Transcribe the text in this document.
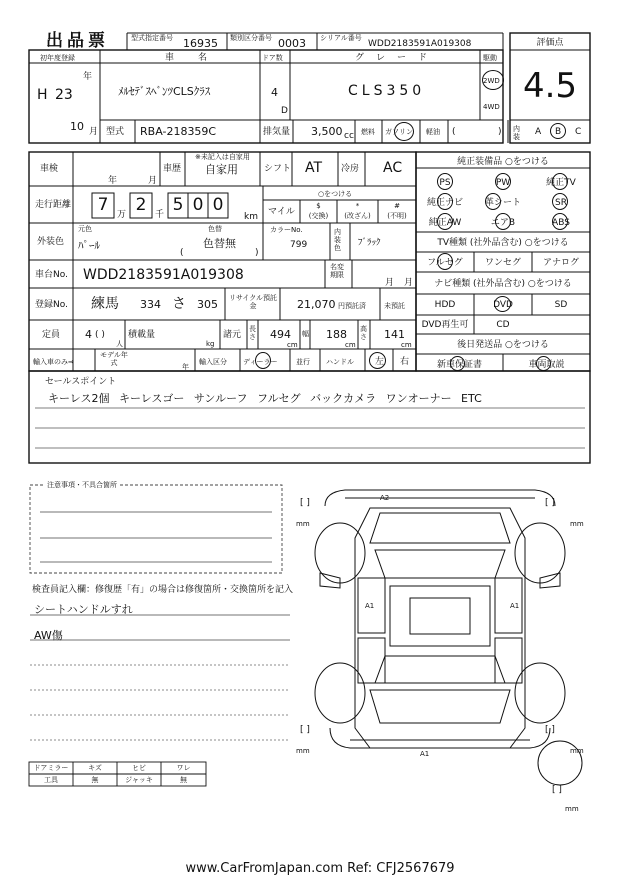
出品票	型式指定番号 16935 類別区分番号 0003 シリアル番号
WDD2183591A019308	評価点
4.5
初年度登録
H 23
年
10 月
車名
ﾒﾙｾﾃﾞｽﾍﾞﾝﾂCLSｸﾗｽ
ドア数
4
D
グレード
CLS350
駆動
2WD
4WD
型式 RBA-218359C	排気量 3,500 cc 燃料 ガソリン 軽油 (	) 内装	A B C
車検
年	月
車歴
※未記入は自家用
自家用	シフト AT 冷房 AC
走行距離	7 万 2 千 5 0 0
km
○をつける
マイル
$
(交換)
*
(改ざん)
#
(不明)
外装色
元色
ﾊﾟｰﾙ
色替
色替無
(	)
カラーNo.
799
内装色	ﾌﾞﾗｯｸ
車台No. WDD2183591A019308	名変期限
月 月
登録No. 練馬 334 さ 305 リサイクル預託金	21,070 円預託済	未預託
定員 4 ( )
人
積載量
kg
諸元
長さ 494
cm
幅 188
cm
高さ 141
cm
輸入車のみ⇒
モデル年式	年
輸入区分 ディーラー	並行 ハンドル 左 右
純正装備品 ○をつける
PS	PW	純正TV
純正ナビ	革シート	SR
純正AW	エアB	ABS
TV種類 (社外品含む) ○をつける
フルセグ	ワンセグ	アナログ
ナビ種類 (社外品含む) ○をつける
HDD	DVD	SD
DVD再生可	CD
後日発送品 ○をつける
新車保証書	車両取説
セールスポイント
キーレス2個 キーレスゴー サンルーフ フルセグ バックカメラ ワンオーナー ETC
注意事項・不具合箇所
検査員記入欄：修復歴「有」の場合は修復箇所・交換箇所を記入
シートハンドルすれ
AW傷
ドアミラー	キズ	ヒビ	ワレ
工具	無	ジャッキ	無
A2
A1	A1
A1
[ ]
mm
[ ]
mm
[ ]
mm
[ ]
mm
[ ]
mm
www.CarFromJapan.com Ref: CFJ2567679
